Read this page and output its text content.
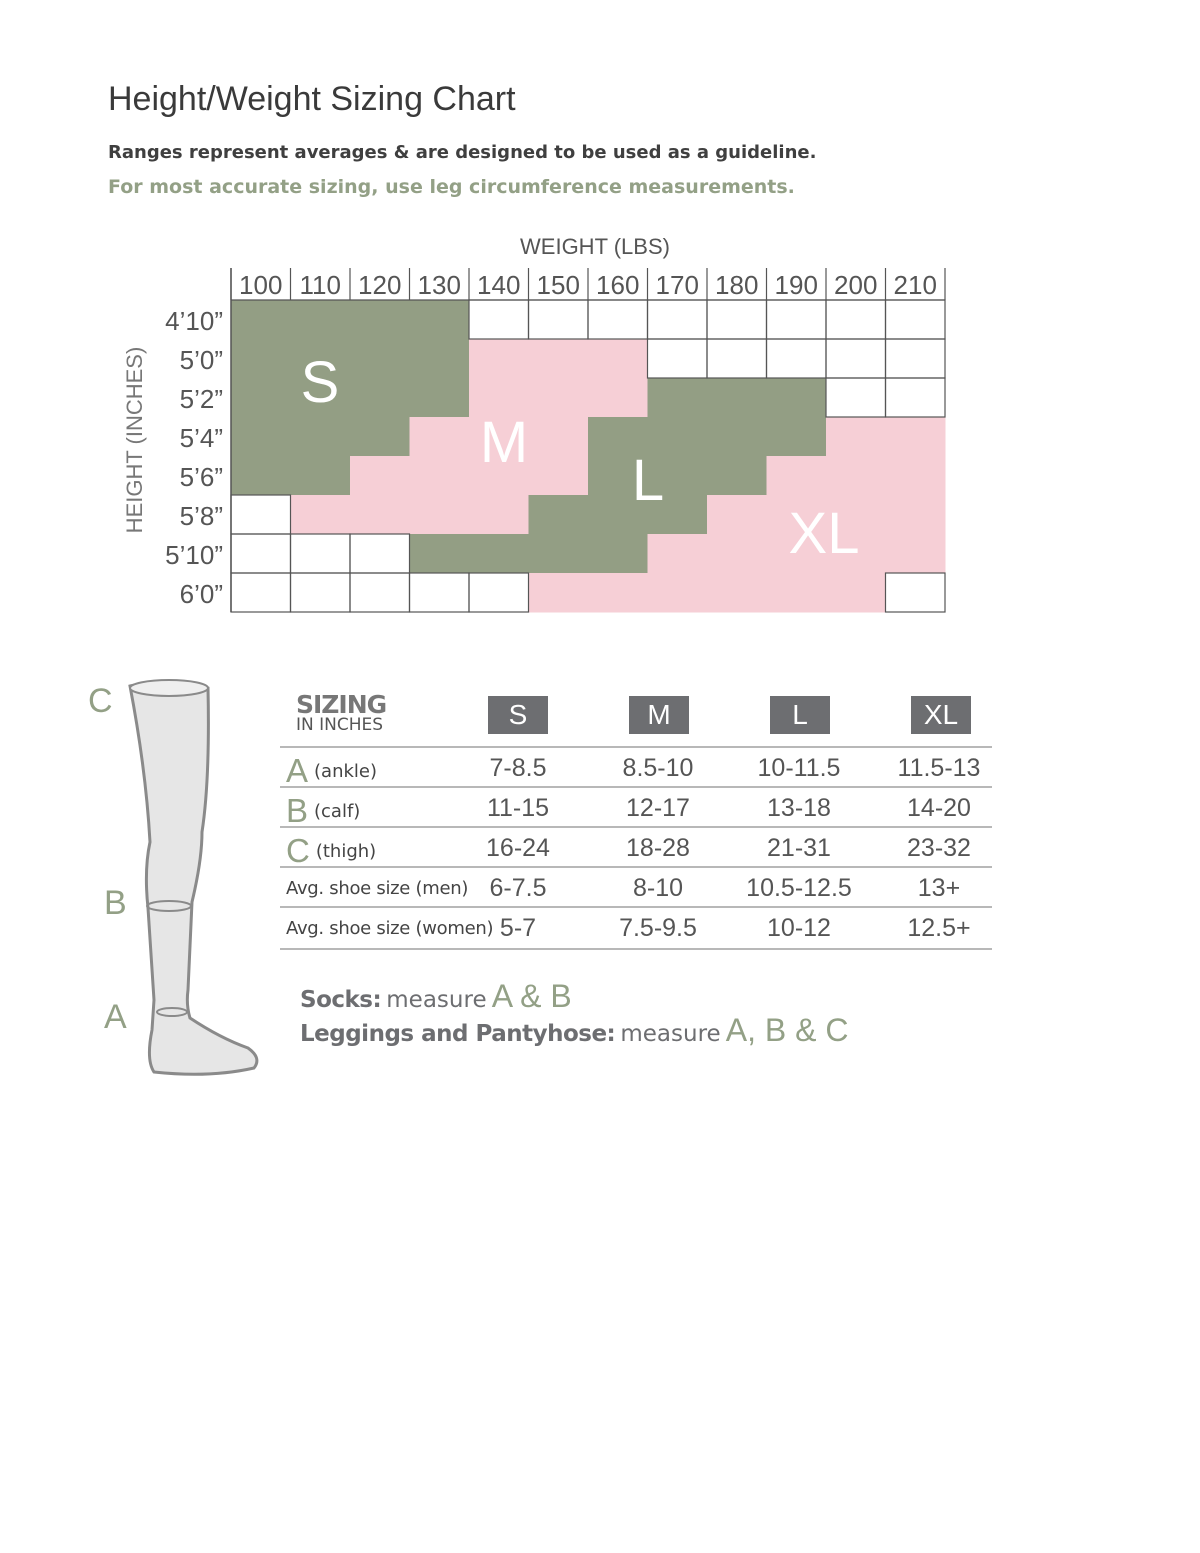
Height/Weight Sizing Chart
Ranges represent averages & are designed to be used as a guideline.
For most accurate sizing, use leg circumference measurements.
100 110 120 130 140 150 160 170 180 190 200 210
4’10”
5’0”
5’2”
5’4”
5’6”
5’8”
5’10”
6’0”
WEIGHT (LBS)
HEIGHT (INCHES)	S
M
L
XL
C
B
A
SIZING
IN INCHES	S	M	L	XL
A (ankle)	7-8.5	8.5-10	10-11.5	11.5-13
B (calf)	11-15	12-17	13-18	14-20
C (thigh)	16-24	18-28	21-31	23-32
Avg. shoe size (men) 6-7.5	8-10	10.5-12.5	13+
Avg. shoe size (women) 5-7	7.5-9.5	10-12	12.5+
Socks: measure A & B
Leggings and Pantyhose: measure A, B & C
